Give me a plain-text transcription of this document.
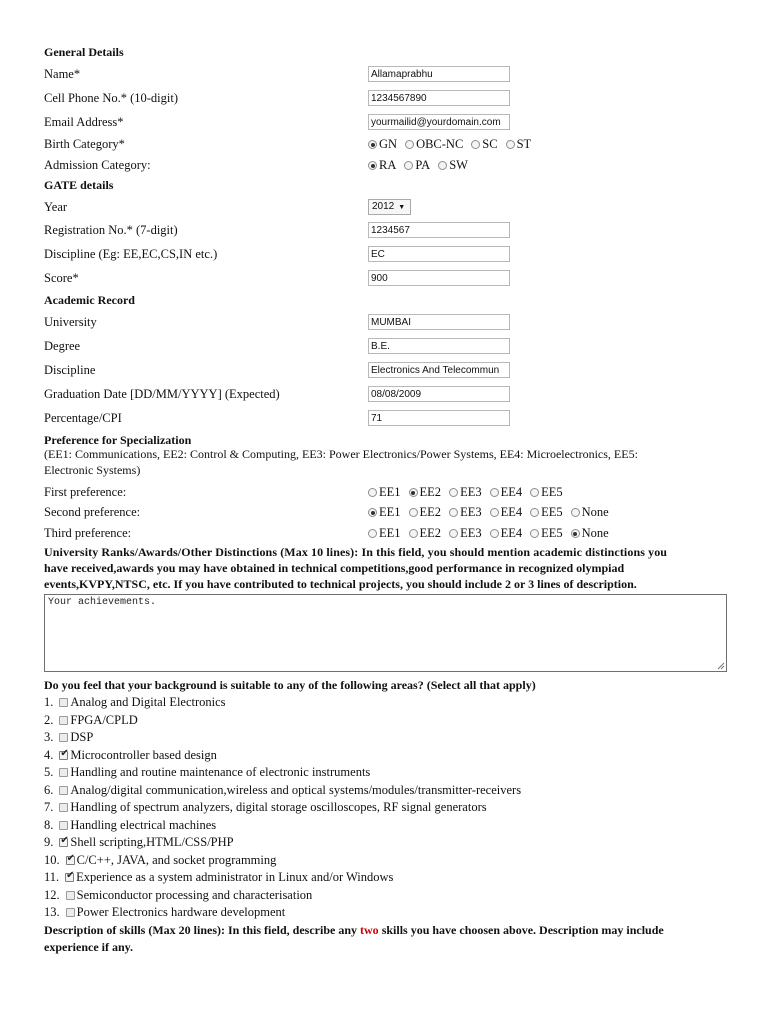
General Details
Name*	Allamaprabhu
Cell Phone No.* (10-digit)	1234567890
Email Address*	yourmailid@yourdomain.com
Birth Category*	GN OBC-NC SC ST
Admission Category:	RA PA SW
GATE details
Year	2012 ▼
Registration No.* (7-digit)	1234567
Discipline (Eg: EE,EC,CS,IN etc.)	EC
Score*	900
Academic Record
University	MUMBAI
Degree	B.E.
Discipline	Electronics And Telecommun
Graduation Date [DD/MM/YYYY] (Expected)	08/08/2009
Percentage/CPI	71
Preference for Specialization
(EE1: Communications, EE2: Control & Computing, EE3: Power Electronics/Power Systems, EE4: Microelectronics, EE5:
Electronic Systems)
First preference:	EE1 EE2 EE3 EE4 EE5
Second preference:	EE1 EE2 EE3 EE4 EE5 None
Third preference:	EE1 EE2 EE3 EE4 EE5 None
University Ranks/Awards/Other Distinctions (Max 10 lines): In this field, you should mention academic distinctions you
have received,awards you may have obtained in technical competitions,good performance in recognized olympiad
events,KVPY,NTSC, etc. If you have contributed to technical projects, you should include 2 or 3 lines of description.
Your achievements.
Do you feel that your background is suitable to any of the following areas? (Select all that apply)
1. Analog and Digital Electronics
2. FPGA/CPLD
3. DSP
4. ✔ Microcontroller based design
5. Handling and routine maintenance of electronic instruments
6. Analog/digital communication,wireless and optical systems/modules/transmitter-receivers
7. Handling of spectrum analyzers, digital storage oscilloscopes, RF signal generators
8. Handling electrical machines
9. ✔ Shell scripting,HTML/CSS/PHP
10. ✔ C/C++, JAVA, and socket programming
11. ✔ Experience as a system administrator in Linux and/or Windows
12. Semiconductor processing and characterisation
13. Power Electronics hardware development
Description of skills (Max 20 lines): In this field, describe any two skills you have choosen above. Description may include
experience if any.
